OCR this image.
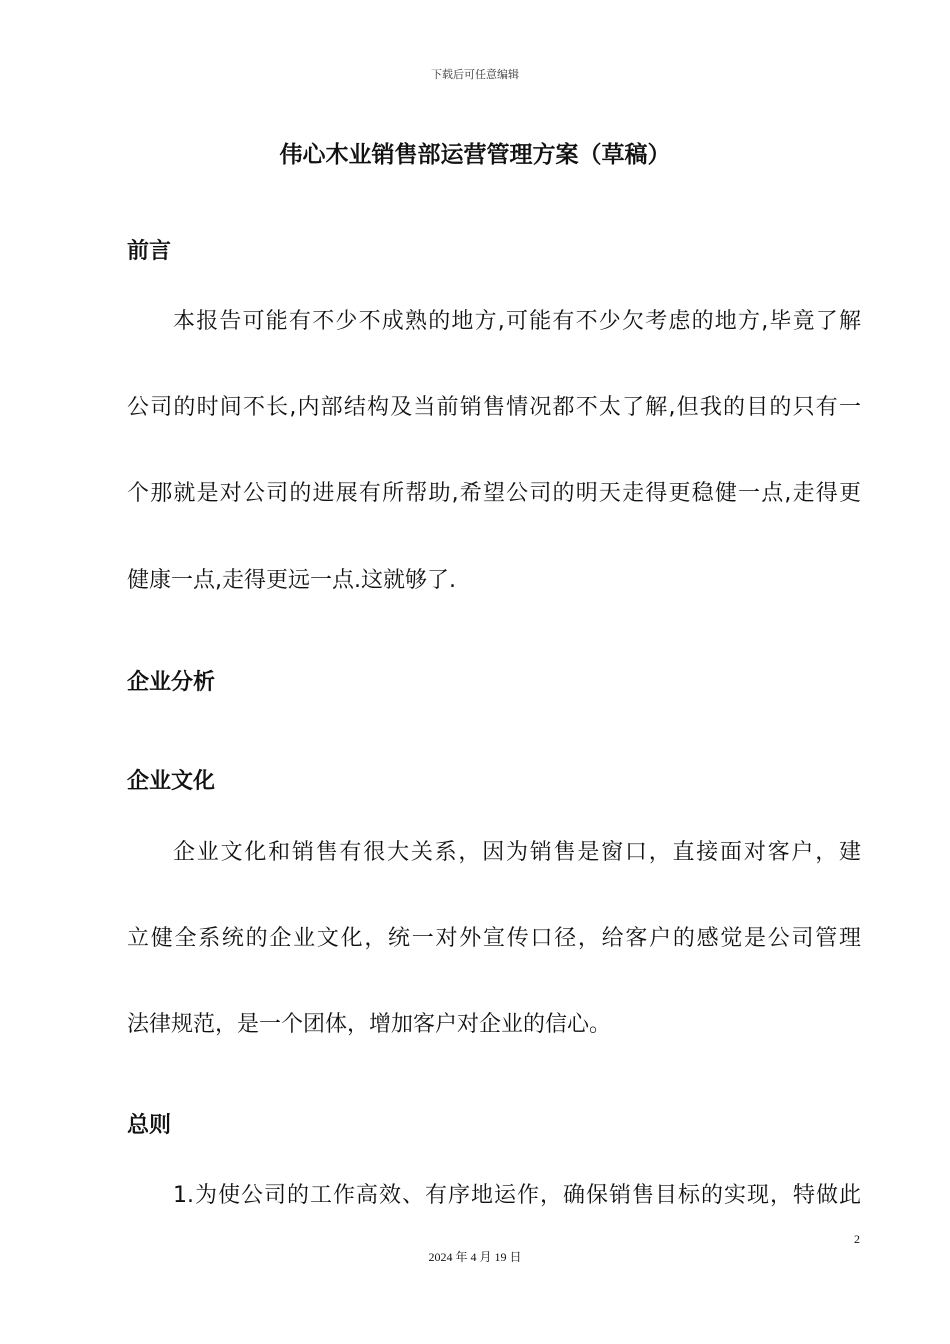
下载后可任意编辑
伟心木业销售部运营管理方案（草稿）
前言
本报告可能有不少不成熟的地方,可能有不少欠考虑的地方,毕竟了解
公司的时间不长,内部结构及当前销售情况都不太了解,但我的目的只有一
个那就是对公司的进展有所帮助,希望公司的明天走得更稳健一点,走得更
健康一点,走得更远一点.这就够了.
企业分析
企业文化
企业文化和销售有很大关系，因为销售是窗口，直接面对客户，建
立健全系统的企业文化，统一对外宣传口径，给客户的感觉是公司管理
法律规范，是一个团体，增加客户对企业的信心。
总则
1.为使公司的工作高效、有序地运作，确保销售目标的实现，特做此
2
2024 年 4 月 19 日
